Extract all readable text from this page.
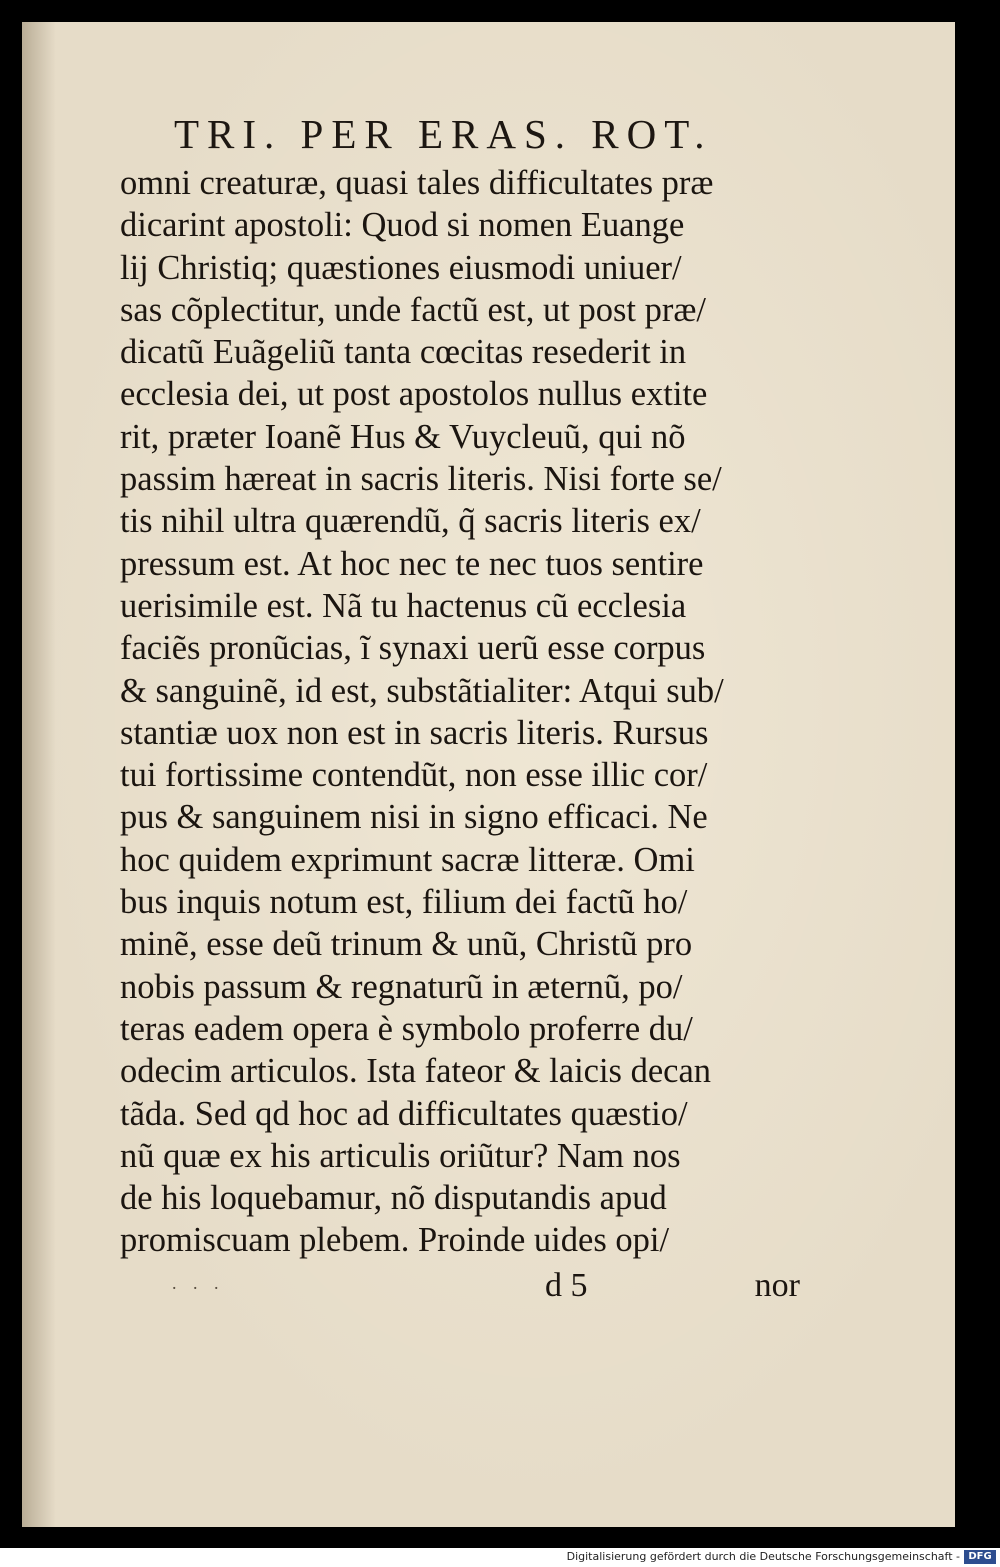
TRI. PER ERAS. ROT.
omni creaturæ, quasi tales difficultates præ
dicarint apostoli: Quod si nomen Euange
lij Christiq; quæstiones eiusmodi uniuer/
sas cõplectitur, unde factũ est, ut post præ/
dicatũ Euãgeliũ tanta cœcitas resederit in
ecclesia dei, ut post apostolos nullus extite
rit, præter Ioanẽ Hus & Vuycleuũ, qui nõ
passim hæreat in sacris literis. Nisi forte se/
tis nihil ultra quærendũ, q̃ sacris literis ex/
pressum est. At hoc nec te nec tuos sentire
uerisimile est. Nã tu hactenus cũ ecclesia
faciẽs pronũcias, ĩ synaxi uerũ esse corpus
& sanguinẽ, id est, substãtialiter: Atqui sub/
stantiæ uox non est in sacris literis. Rursus
tui fortissime contendũt, non esse illic cor/
pus & sanguinem nisi in signo efficaci. Ne
hoc quidem exprimunt sacræ litteræ. Omi
bus inquis notum est, filium dei factũ ho/
minẽ, esse deũ trinum & unũ, Christũ pro
nobis passum & regnaturũ in æternũ, po/
teras eadem opera è symbolo proferre du/
odecim articulos. Ista fateor & laicis decan
tãda. Sed qd hoc ad difficultates quæstio/
nũ quæ ex his articulis oriũtur? Nam nos
de his loquebamur, nõ disputandis apud
promiscuam plebem. Proinde uides opi/
. . .	d 5	nor
Digitalisierung gefördert durch die Deutsche Forschungsgemeinschaft - DFG
